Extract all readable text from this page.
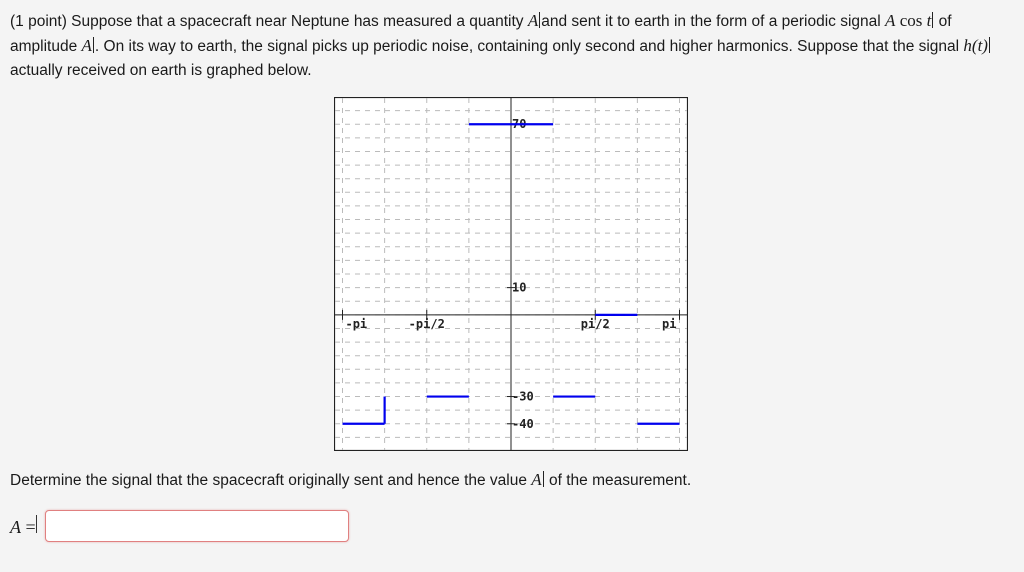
(1 point) Suppose that a spacecraft near Neptune has measured a quantity A and sent it to earth in the form of a periodic signal A cos t of amplitude A . On its way to earth, the signal picks up periodic noise, containing only second and higher harmonics. Suppose that the signal h(t)actually received on earth is graphed below.

-pi	-pi/2	pi/2	pi
70
10
-30
-40
Determine the signal that the spacecraft originally sent and hence the value A of the measurement.
A =
